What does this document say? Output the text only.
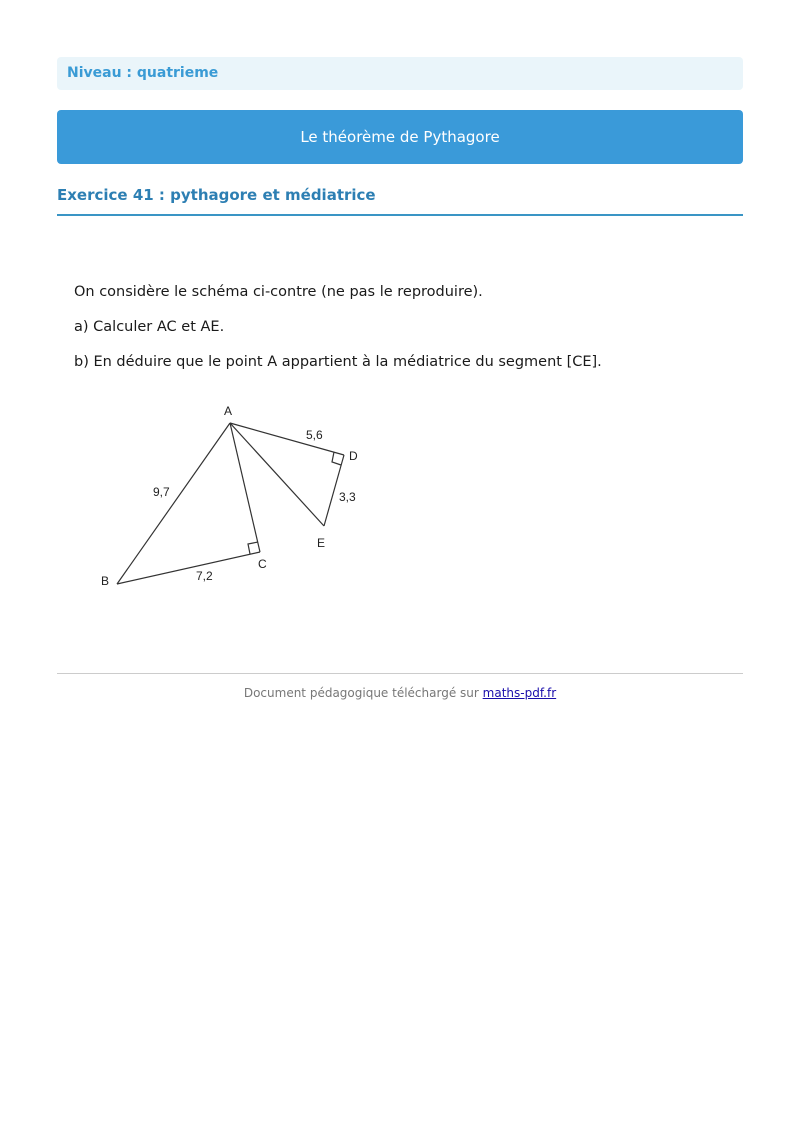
Niveau : quatrieme
Le théorème de Pythagore
Exercice 41 : pythagore et médiatrice

On considère le schéma ci-contre (ne pas le reproduire).

a) Calculer AC et AE.

b) En déduire que le point A appartient à la médiatrice du segment [CE].

A
B
C
D
E
9,7
7,2
5,6
3,3
Document pédagogique téléchargé sur maths-pdf.fr
